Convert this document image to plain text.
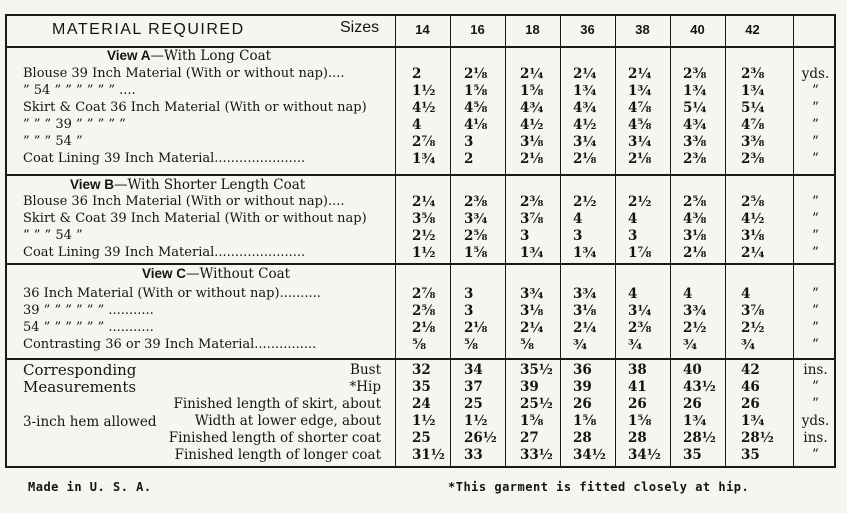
MATERIAL REQUIRED	Sizes
View A—With Long Coat
Blouse 39 Inch Material (With or without nap)....	2	2⅛	2¼	2¼	2¼	2⅜	2⅜	yds.
” 54 ” ” ” ” ” ” ....	1½	1⅝	1⅝	1¾	1¾	1¾	1¾	”
Skirt & Coat 36 Inch Material (With or without nap)	4½	4⅝	4¾	4¾	4⅞	5¼	5¼	”
” ” ” 39 ” ” ” ” ”	4	4⅛	4½	4½	4⅝	4¾	4⅞	”
” ” ” 54 ”	2⅞	3	3⅛	3¼	3¼	3⅜	3⅜	”
Coat Lining 39 Inch Material......................	1¾	2	2⅛	2⅛	2⅛	2⅜	2⅜	”
View B—With Shorter Length Coat
Blouse 36 Inch Material (With or without nap)....	2¼	2⅜	2⅜	2½	2½	2⅝	2⅝	”
Skirt & Coat 39 Inch Material (With or without nap)	3⅝	3¾	3⅞	4	4	4⅜	4½	”
” ” ” 54 ”	2½	2⅝	3	3	3	3⅛	3⅛	”
Coat Lining 39 Inch Material......................	1½	1⅝	1¾	1¾	1⅞	2⅛	2¼	”
View C—Without Coat
36 Inch Material (With or without nap)..........	2⅞	3	3¾	3¾	4	4	4	”
39 ” ” ” ” ” ” ...........	2⅝	3	3⅛	3⅛	3¼	3¾	3⅞	”
54 ” ” ” ” ” ” ...........	2⅛	2⅛	2¼	2¼	2⅜	2½	2½	”
Contrasting 36 or 39 Inch Material...............	⅝	⅝	⅝	¾	¾	¾	¾	”
Corresponding
Measurements
3-inch hem allowed
Bust 32	34	35½	36	38	40	42	ins.
*Hip 35	37	39	39	41	43½	46	”
Finished length of skirt, about 24	25	25½	26	26	26	26	”
Width at lower edge, about 1½	1½	1⅝	1⅝	1⅝	1¾	1¾	yds.
Finished length of shorter coat 25	26½	27	28	28	28½	28½	ins.
Finished length of longer coat 31½	33	33½	34½	34½	35	35	”
14	16	18	36	38	40	42
Made in U. S. A.	*This garment is fitted closely at hip.
